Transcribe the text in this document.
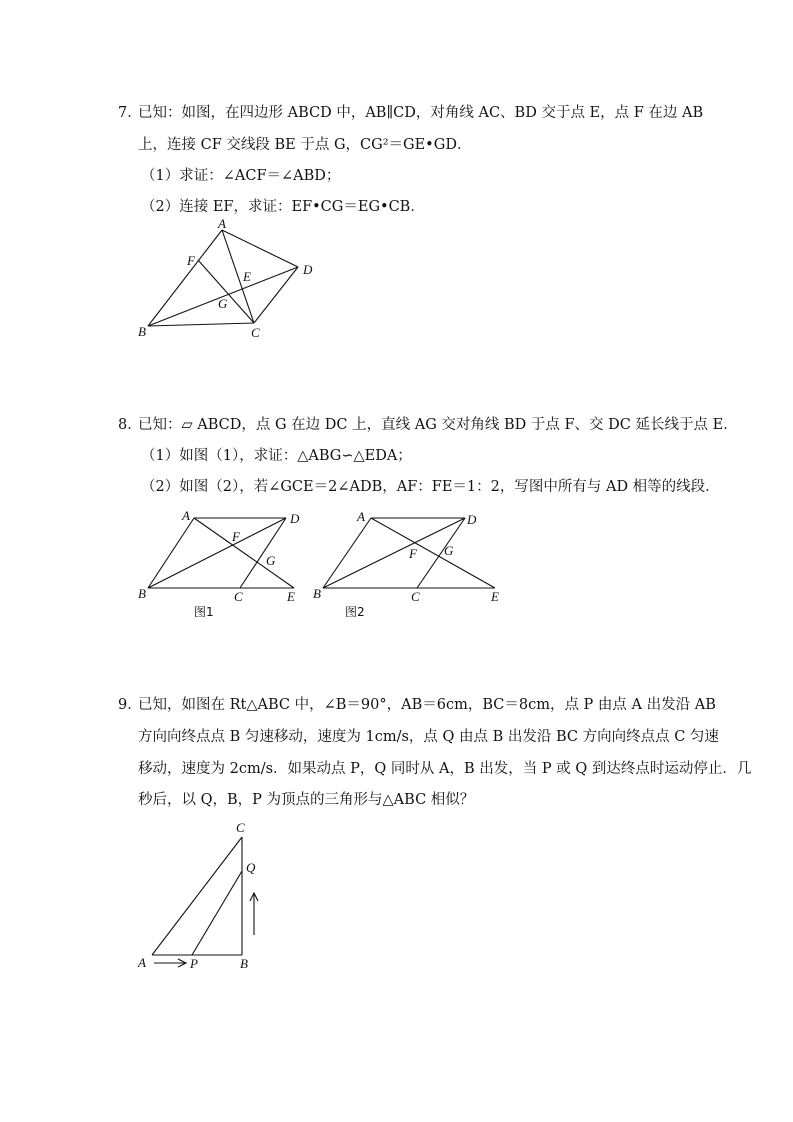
7．
已知：如图，在四边形 ABCD 中，AB∥CD，对角线 AC、BD 交于点 E，点 F 在边 AB
上，连接 CF 交线段 BE 于点 G，CG²＝GE•GD．
（1）求证：∠ACF＝∠ABD；
（2）连接 EF，求证：EF•CG＝EG•CB．
A
B	C
D
E
F
G
8．
已知：▱ ABCD，点 G 在边 DC 上，直线 AG 交对角线 BD 于点 F、交 DC 延长线于点 E．
（1）如图（1），求证：△ABG∽△EDA；
（2）如图（2），若∠GCE＝2∠ADB，AF：FE＝1：2，写图中所有与 AD 相等的线段．
A	D
B	C	E
F
G
图1
A	D
B	C	E
F G
图2
9．
已知，如图在 Rt△ABC 中，∠B＝90°，AB＝6cm，BC＝8cm，点 P 由点 A 出发沿 AB
方向向终点点 B 匀速移动，速度为 1cm/s，点 Q 由点 B 出发沿 BC 方向向终点点 C 匀速
移动，速度为 2cm/s．如果动点 P，Q 同时从 A，B 出发，当 P 或 Q 到达终点时运动停止．几
秒后，以 Q，B，P 为顶点的三角形与△ABC 相似？
C
Q
A	P	B
